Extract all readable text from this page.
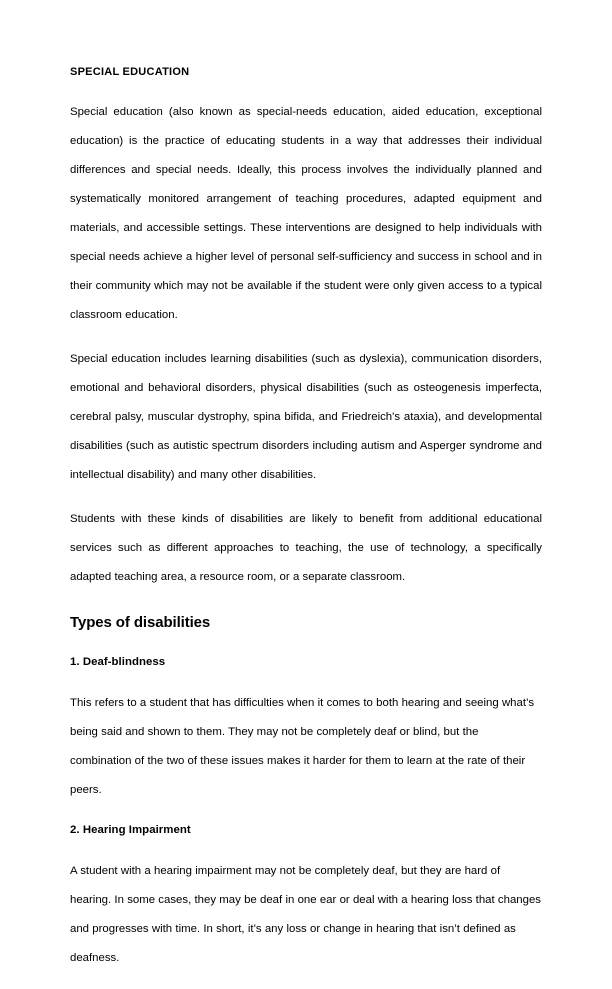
SPECIAL EDUCATION

Special education (also known as special-needs education, aided education, exceptional education) is the practice of educating students in a way that addresses their individual differences and special needs. Ideally, this process involves the individually planned and systematically monitored arrangement of teaching procedures, adapted equipment and materials, and accessible settings. These interventions are designed to help individuals with special needs achieve a higher level of personal self-sufficiency and success in school and in their community which may not be available if the student were only given access to a typical classroom education.

Special education includes learning disabilities (such as dyslexia), communication disorders, emotional and behavioral disorders, physical disabilities (such as osteogenesis imperfecta, cerebral palsy, muscular dystrophy, spina bifida, and Friedreich's ataxia), and developmental disabilities (such as autistic spectrum disorders including autism and Asperger syndrome and intellectual disability) and many other disabilities.

Students with these kinds of disabilities are likely to benefit from additional educational services such as different approaches to teaching, the use of technology, a specifically adapted teaching area, a resource room, or a separate classroom.

Types of disabilities
1. Deaf-blindness

This refers to a student that has difficulties when it comes to both hearing and seeing what’s being said and shown to them. They may not be completely deaf or blind, but the combination of the two of these issues makes it harder for them to learn at the rate of their peers.

2. Hearing Impairment

A student with a hearing impairment may not be completely deaf, but they are hard of hearing. In some cases, they may be deaf in one ear or deal with a hearing loss that changes and progresses with time. In short, it’s any loss or change in hearing that isn’t defined as deafness.
